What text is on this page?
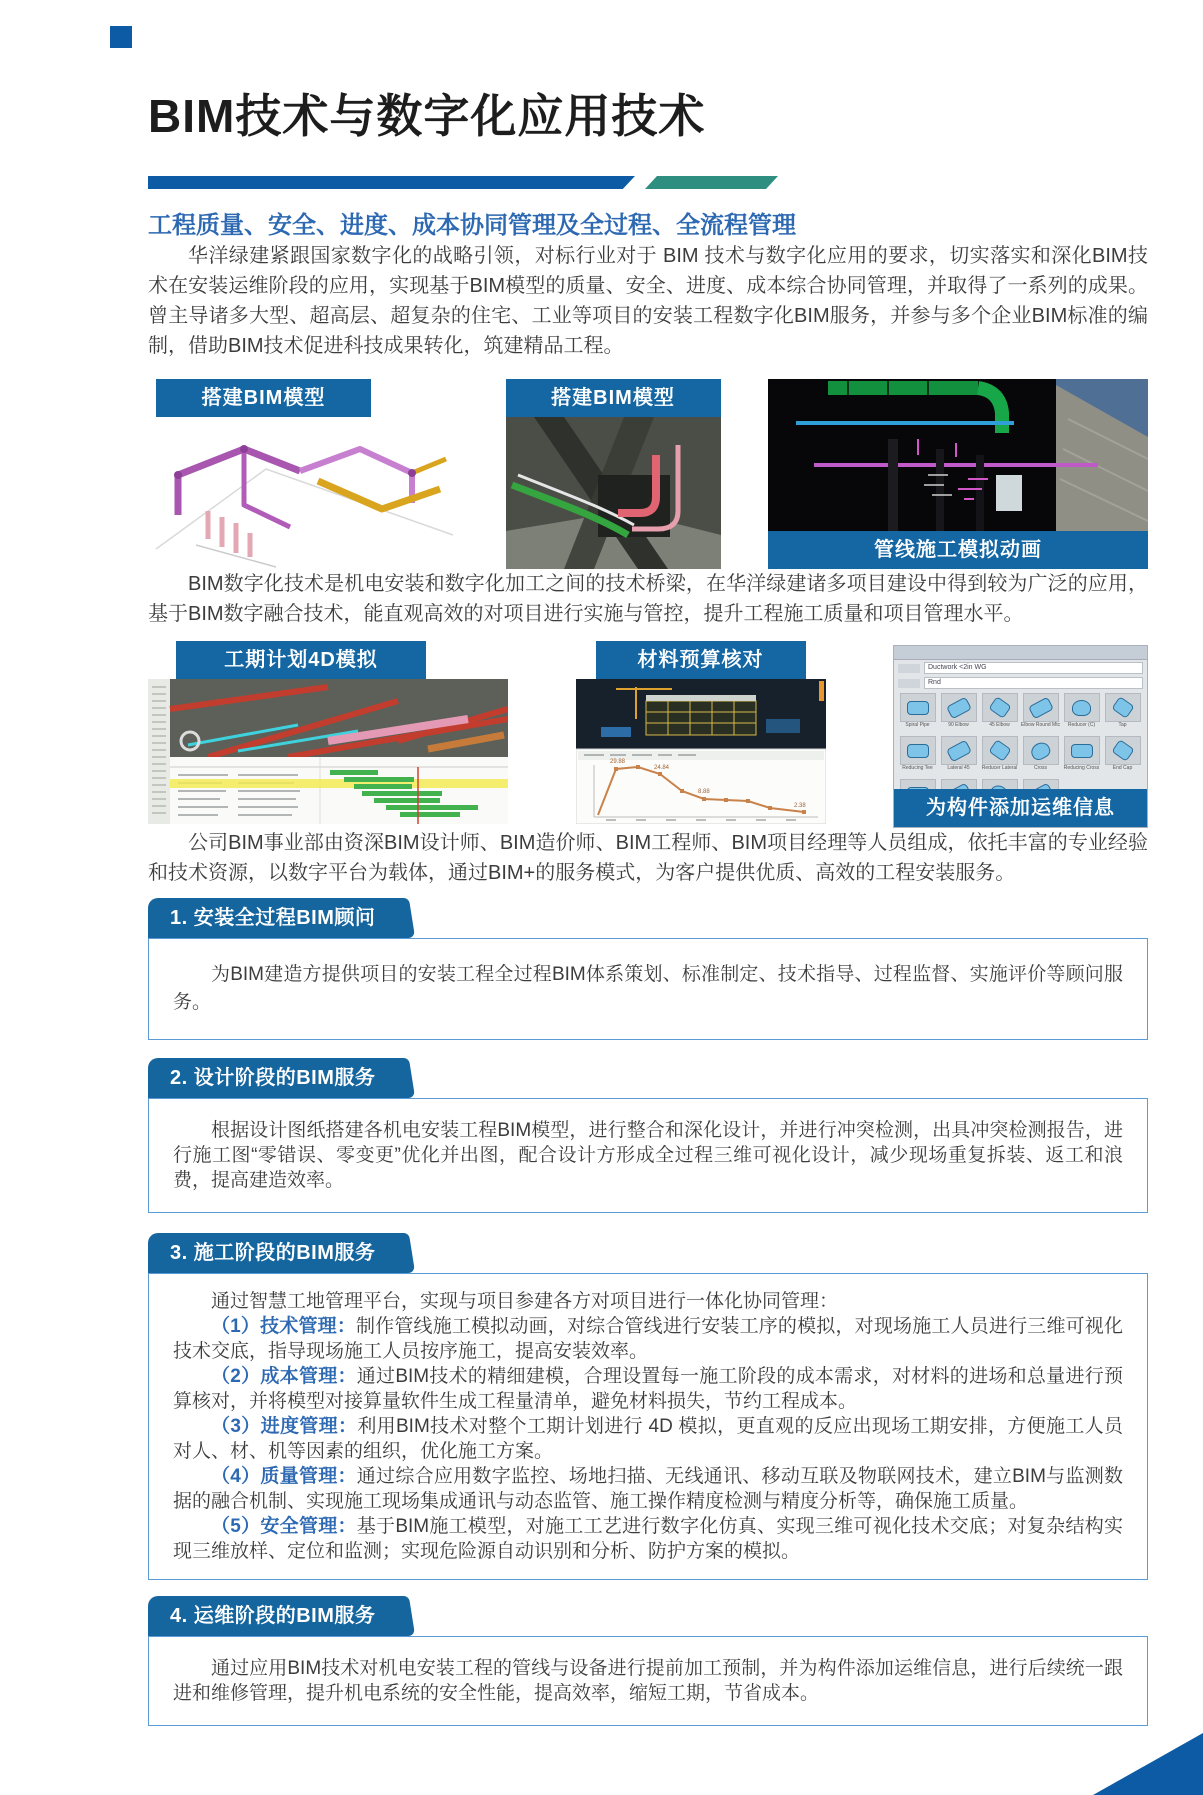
BIM技术与数字化应用技术
工程质量、安全、进度、成本协同管理及全过程、全流程管理

华洋绿建紧跟国家数字化的战略引领，对标行业对于 BIM 技术与数字化应用的要求，切实落实和深化BIM技术在安装运维阶段的应用，实现基于BIM模型的质量、安全、进度、成本综合协同管理，并取得了一系列的成果。曾主导诸多大型、超高层、超复杂的住宅、工业等项目的安装工程数字化BIM服务，并参与多个企业BIM标准的编制，借助BIM技术促进科技成果转化，筑建精品工程。

搭建BIM模型	搭建BIM模型
管线施工模拟动画

BIM数字化技术是机电安装和数字化加工之间的技术桥梁，在华洋绿建诸多项目建设中得到较为广泛的应用，基于BIM数字融合技术，能直观高效的对项目进行实施与管控，提升工程施工质量和项目管理水平。

工期计划4D模拟	材料预算核对
29.88
24.84
8.88
2.38
Ductwork <2in WG
Rnd
Spiral Pipe	90 Elbow	45 Elbow	Elbow Round Mtc	Reducer (C)	Tap
Reducing Tee	Lateral 45	Reducer Lateral	Cross	Reducing Cross	End Cap
为构件添加运维信息

公司BIM事业部由资深BIM设计师、BIM造价师、BIM工程师、BIM项目经理等人员组成，依托丰富的专业经验和技术资源，以数字平台为载体，通过BIM+的服务模式，为客户提供优质、高效的工程安装服务。

1. 安装全过程BIM顾问

为BIM建造方提供项目的安装工程全过程BIM体系策划、标准制定、技术指导、过程监督、实施评价等顾问服务。

2. 设计阶段的BIM服务

根据设计图纸搭建各机电安装工程BIM模型，进行整合和深化设计，并进行冲突检测，出具冲突检测报告，进行施工图“零错误、零变更”优化并出图，配合设计方形成全过程三维可视化设计，减少现场重复拆装、返工和浪费，提高建造效率。

3. 施工阶段的BIM服务

通过智慧工地管理平台，实现与项目参建各方对项目进行一体化协同管理：

（1）技术管理：制作管线施工模拟动画，对综合管线进行安装工序的模拟，对现场施工人员进行三维可视化技术交底，指导现场施工人员按序施工，提高安装效率。

（2）成本管理：通过BIM技术的精细建模，合理设置每一施工阶段的成本需求，对材料的进场和总量进行预算核对，并将模型对接算量软件生成工程量清单，避免材料损失，节约工程成本。

（3）进度管理：利用BIM技术对整个工期计划进行 4D 模拟，更直观的反应出现场工期安排，方便施工人员对人、材、机等因素的组织，优化施工方案。

（4）质量管理：通过综合应用数字监控、场地扫描、无线通讯、移动互联及物联网技术，建立BIM与监测数据的融合机制、实现施工现场集成通讯与动态监管、施工操作精度检测与精度分析等，确保施工质量。

（5）安全管理：基于BIM施工模型，对施工工艺进行数字化仿真、实现三维可视化技术交底；对复杂结构实现三维放样、定位和监测；实现危险源自动识别和分析、防护方案的模拟。

4. 运维阶段的BIM服务

通过应用BIM技术对机电安装工程的管线与设备进行提前加工预制，并为构件添加运维信息，进行后续统一跟进和维修管理，提升机电系统的安全性能，提高效率，缩短工期，节省成本。
